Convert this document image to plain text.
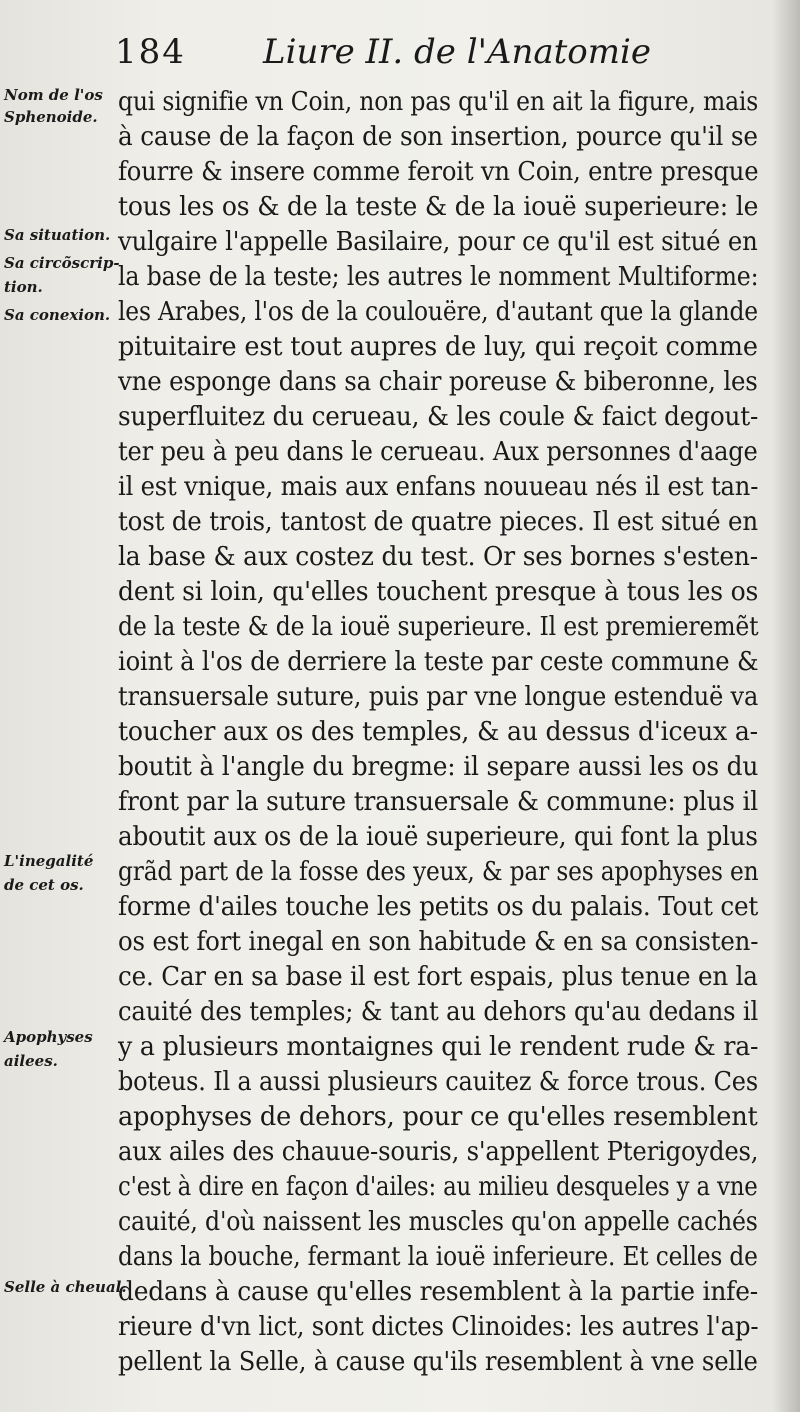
184 Liure II. de l'Anatomie
Nom de l'os
Sphenoide.
Sa situation.
Sa circõscrip-
tion.
Sa conexion.
L'inegalité
de cet os.
Apophyses
ailees.
Selle à cheual.
qui signifie vn Coin, non pas qu'il en ait la figure, mais
à cause de la façon de son insertion, pource qu'il se
fourre & insere comme feroit vn Coin, entre presque
tous les os & de la teste & de la iouë superieure: le
vulgaire l'appelle Basilaire, pour ce qu'il est situé en
la base de la teste; les autres le nomment Multiforme:
les Arabes, l'os de la coulouëre, d'autant que la glande
pituitaire est tout aupres de luy, qui reçoit comme
vne esponge dans sa chair poreuse & biberonne, les
superfluitez du cerueau, & les coule & faict degout-
ter peu à peu dans le cerueau. Aux personnes d'aage
il est vnique, mais aux enfans nouueau nés il est tan-
tost de trois, tantost de quatre pieces. Il est situé en
la base & aux costez du test. Or ses bornes s'esten-
dent si loin, qu'elles touchent presque à tous les os
de la teste & de la iouë superieure. Il est premieremẽt
ioint à l'os de derriere la teste par ceste commune &
transuersale suture, puis par vne longue estenduë va
toucher aux os des temples, & au dessus d'iceux a-
boutit à l'angle du bregme: il separe aussi les os du
front par la suture transuersale & commune: plus il
aboutit aux os de la iouë superieure, qui font la plus
grãd part de la fosse des yeux, & par ses apophyses en
forme d'ailes touche les petits os du palais. Tout cet
os est fort inegal en son habitude & en sa consisten-
ce. Car en sa base il est fort espais, plus tenue en la
cauité des temples; & tant au dehors qu'au dedans il
y a plusieurs montaignes qui le rendent rude & ra-
boteus. Il a aussi plusieurs cauitez & force trous. Ces
apophyses de dehors, pour ce qu'elles resemblent
aux ailes des chauue-souris, s'appellent Pterigoydes,
c'est à dire en façon d'ailes: au milieu desqueles y a vne
cauité, d'où naissent les muscles qu'on appelle cachés
dans la bouche, fermant la iouë inferieure. Et celles de
dedans à cause qu'elles resemblent à la partie infe-
rieure d'vn lict, sont dictes Clinoides: les autres l'ap-
pellent la Selle, à cause qu'ils resemblent à vne selle
